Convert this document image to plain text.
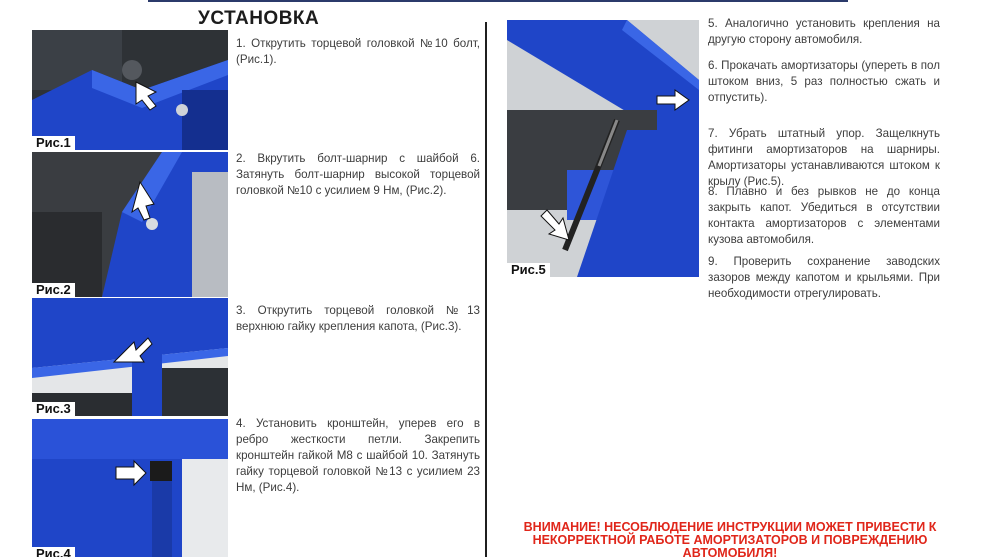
УСТАНОВКА
Рис.1
Рис.2
Рис.3
Рис.4
Рис.5

1. Открутить торцевой головкой №10 болт, (Рис.1).

2. Вкрутить болт-шарнир с шайбой 6. Затянуть болт-шарнир высокой торцевой головкой №10 с усилием 9 Нм, (Рис.2).

3. Открутить торцевой головкой №13 верхнюю гайку крепления капота, (Рис.3).

4. Установить кронштейн, уперев его в ребро жесткости петли. Закрепить кронштейн гайкой М8 с шайбой 10. Затянуть гайку торцевой головкой №13 с усилием 23 Нм, (Рис.4).

5. Аналогично установить крепления на другую сторону автомобиля.

6. Прокачать амортизаторы (упереть в пол штоком вниз, 5 раз полностью сжать и отпустить).

7. Убрать штатный упор. Защелкнуть фитинги амортизаторов на шарниры. Амортизаторы устанавливаются штоком к крылу (Рис.5).

8. Плавно и без рывков не до конца закрыть капот. Убедиться в отсутствии контакта амортизаторов с элементами кузова автомобиля.

9. Проверить сохранение заводских зазоров между капотом и крыльями. При необходимости отрегулировать.

ВНИМАНИЕ! НЕСОБЛЮДЕНИЕ ИНСТРУКЦИИ МОЖЕТ ПРИВЕСТИ К НЕКОРРЕКТНОЙ РАБОТЕ АМОРТИЗАТОРОВ И ПОВРЕЖДЕНИЮ АВТОМОБИЛЯ!
